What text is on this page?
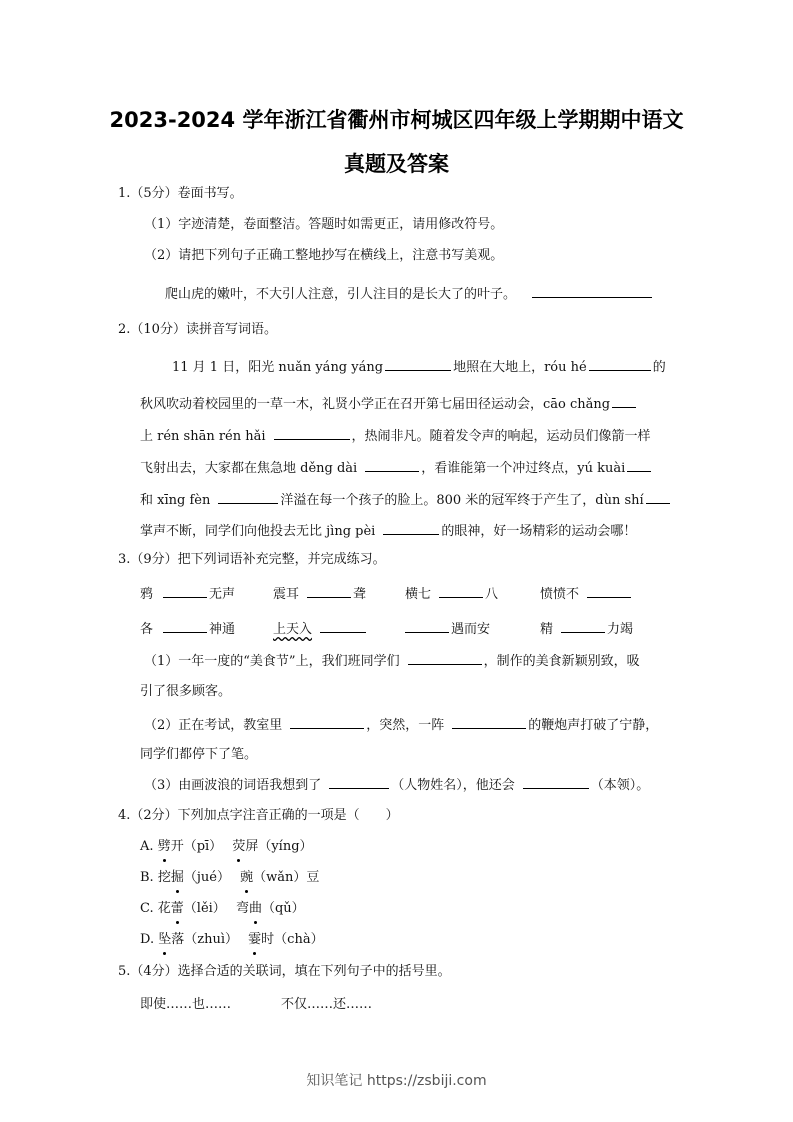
2023-2024 学年浙江省衢州市柯城区四年级上学期期中语文
真题及答案
1.（5分）卷面书写。
（1）字迹清楚，卷面整洁。答题时如需更正，请用修改符号。
（2）请把下列句子正确工整地抄写在横线上，注意书写美观。
爬山虎的嫩叶，不大引人注意，引人注目的是长大了的叶子。
2.（10分）读拼音写词语。
11 月 1 日，阳光 nuǎn yáng yáng	地照在大地上，róu hé	的
秋风吹动着校园里的一草一木，礼贤小学正在召开第七届田径运动会，cāo chǎng
上 rén shān rén hǎi	，热闹非凡。随着发令声的响起，运动员们像箭一样
飞射出去，大家都在焦急地 děng dài	，看谁能第一个冲过终点，yú kuài
和 xīng fèn	洋溢在每一个孩子的脸上。800 米的冠军终于产生了，dùn shí
掌声不断，同学们向他投去无比 jìng pèi	的眼神，好一场精彩的运动会哪！
3.（9分）把下列词语补充完整，并完成练习。
鸦	无声	震耳	聋	横七	八	愤愤不
各	神通	上天入	遇而安	精	力竭
（1）一年一度的“美食节”上，我们班同学们	，制作的美食新颖别致，吸
引了很多顾客。
（2）正在考试，教室里	，突然，一阵	的鞭炮声打破了宁静，
同学们都停下了笔。
（3）由画波浪的词语我想到了	（人物姓名），他还会	（本领）。
4.（2分）下列加点字注音正确的一项是（　　）
A. 劈开（pī） 荧屏（yíng）
B. 挖掘（jué） 豌（wǎn）豆
C. 花蕾（lěi） 弯曲（qǔ）
D. 坠落（zhuì） 霎时（chà）
5.（4分）选择合适的关联词，填在下列句子中的括号里。
即使……也……	不仅……还……
知识笔记 https://zsbiji.com
